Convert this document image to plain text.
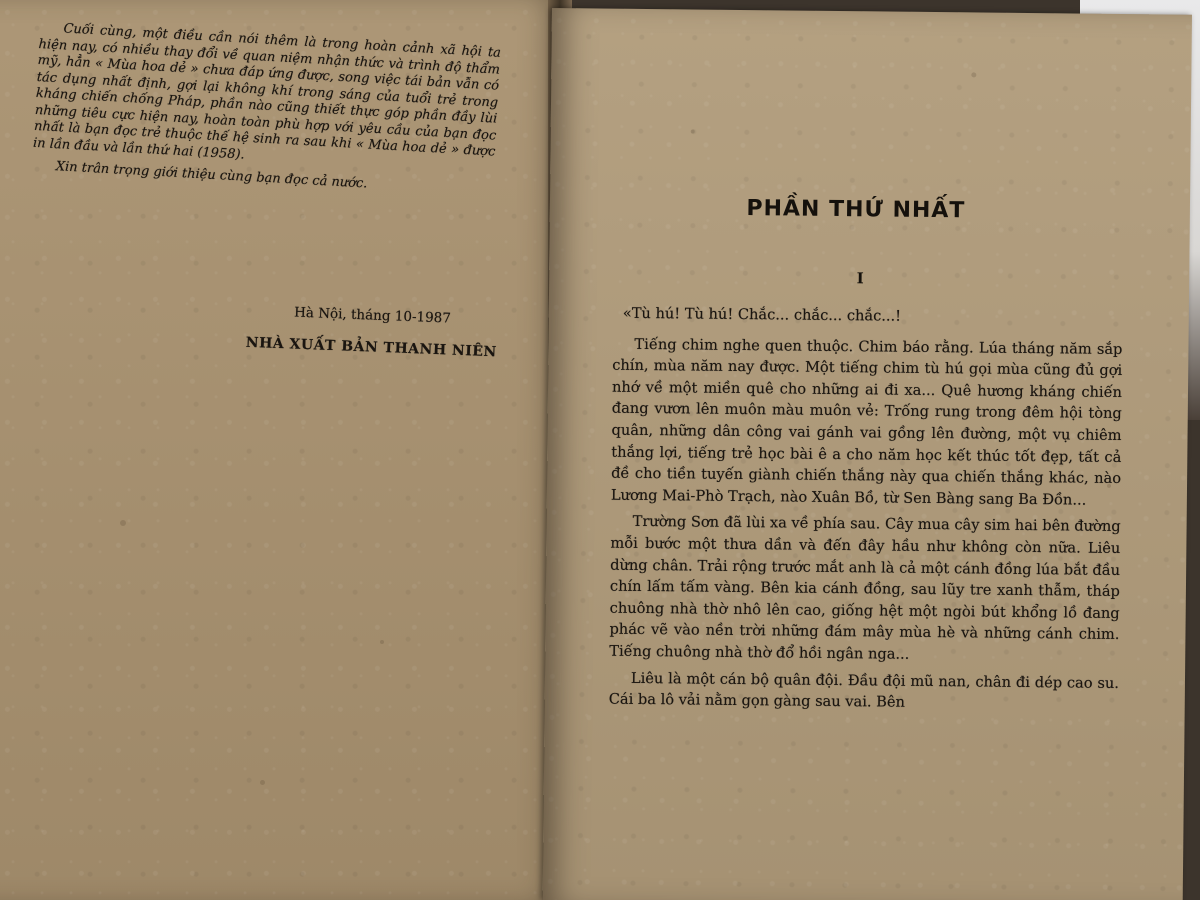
Cuối cùng, một điều cần nói thêm là trong hoàn cảnh xã hội ta hiện nay, có nhiều thay đổi về quan niệm nhận thức và trình độ thẩm mỹ, hẳn « Mùa hoa dẻ » chưa đáp ứng được, song việc tái bản vẫn có tác dụng nhất định, gợi lại không khí trong sáng của tuổi trẻ trong kháng chiến chống Pháp, phần nào cũng thiết thực góp phần đầy lùi những tiêu cực hiện nay, hoàn toàn phù hợp với yêu cầu của bạn đọc nhất là bạn đọc trẻ thuộc thế hệ sinh ra sau khi « Mùa hoa dẻ » được in lần đầu và lần thứ hai (1958).

Xin trân trọng giới thiệu cùng bạn đọc cả nước.

Hà Nội, tháng 10-1987
NHÀ XUẤT BẢN THANH NIÊN
PHẦN THỨ NHẤT
I

«Tù hú! Tù hú! Chắc... chắc... chắc...!

Tiếng chim nghe quen thuộc. Chim báo rằng. Lúa tháng năm sắp chín, mùa năm nay được. Một tiếng chim tù hú gọi mùa cũng đủ gợi nhớ về một miền quê cho những ai đi xa... Quê hương kháng chiến đang vươn lên muôn màu muôn vẻ: Trống rung trong đêm hội tòng quân, những dân công vai gánh vai gồng lên đường, một vụ chiêm thắng lợi, tiếng trẻ học bài ê a cho năm học kết thúc tốt đẹp, tất cả đề cho tiền tuyến giành chiến thắng này qua chiến thắng khác, nào Lương Mai-Phò Trạch, nào Xuân Bồ, từ Sen Bàng sang Ba Đồn...

Trường Sơn đã lùi xa về phía sau. Cây mua cây sim hai bên đường mỗi bước một thưa dần và đến đây hầu như không còn nữa. Liêu dừng chân. Trải rộng trước mắt anh là cả một cánh đồng lúa bắt đầu chín lấm tấm vàng. Bên kia cánh đồng, sau lũy tre xanh thẫm, tháp chuông nhà thờ nhô lên cao, giống hệt một ngòi bút khổng lồ đang phác vẽ vào nền trời những đám mây mùa hè và những cánh chim. Tiếng chuông nhà thờ đổ hồi ngân nga...

Liêu là một cán bộ quân đội. Đầu đội mũ nan, chân đi dép cao su. Cái ba lô vải nằm gọn gàng sau vai. Bên
